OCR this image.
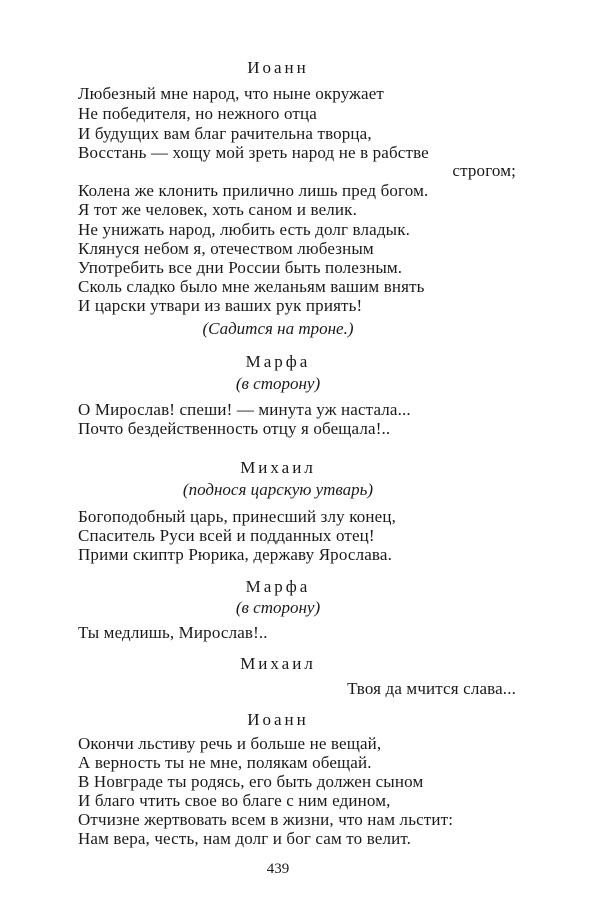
Иоанн
Любезный мне народ, что ныне окружает
Не победителя, но нежного отца
И будущих вам благ рачительна творца,
Восстань — хощу мой зреть народ не в рабстве
строгом;
Колена же клонить прилично лишь пред богом.
Я тот же человек, хоть саном и велик.
Не унижать народ, любить есть долг владык.
Клянуся небом я, отечеством любезным
Употребить все дни России быть полезным.
Сколь сладко было мне желаньям вашим внять
И царски утвари из ваших рук приять!
(Садится на троне.)
Марфа
(в сторону)
О Мирослав! спеши! — минута уж настала...
Почто бездейственность отцу я обещала!..
Михаил
(поднося царскую утварь)
Богоподобный царь, принесший злу конец,
Спаситель Руси всей и подданных отец!
Прими скиптр Рюрика, державу Ярослава.
Марфа
(в сторону)
Ты медлишь, Мирослав!..
Михаил
Твоя да мчится слава...
Иоанн
Окончи льстиву речь и больше не вещай,
А верность ты не мне, полякам обещай.
В Новграде ты родясь, его быть должен сыном
И благо чтить свое во благе с ним едином,
Отчизне жертвовать всем в жизни, что нам льстит:
Нам вера, честь, нам долг и бог сам то велит.
439
